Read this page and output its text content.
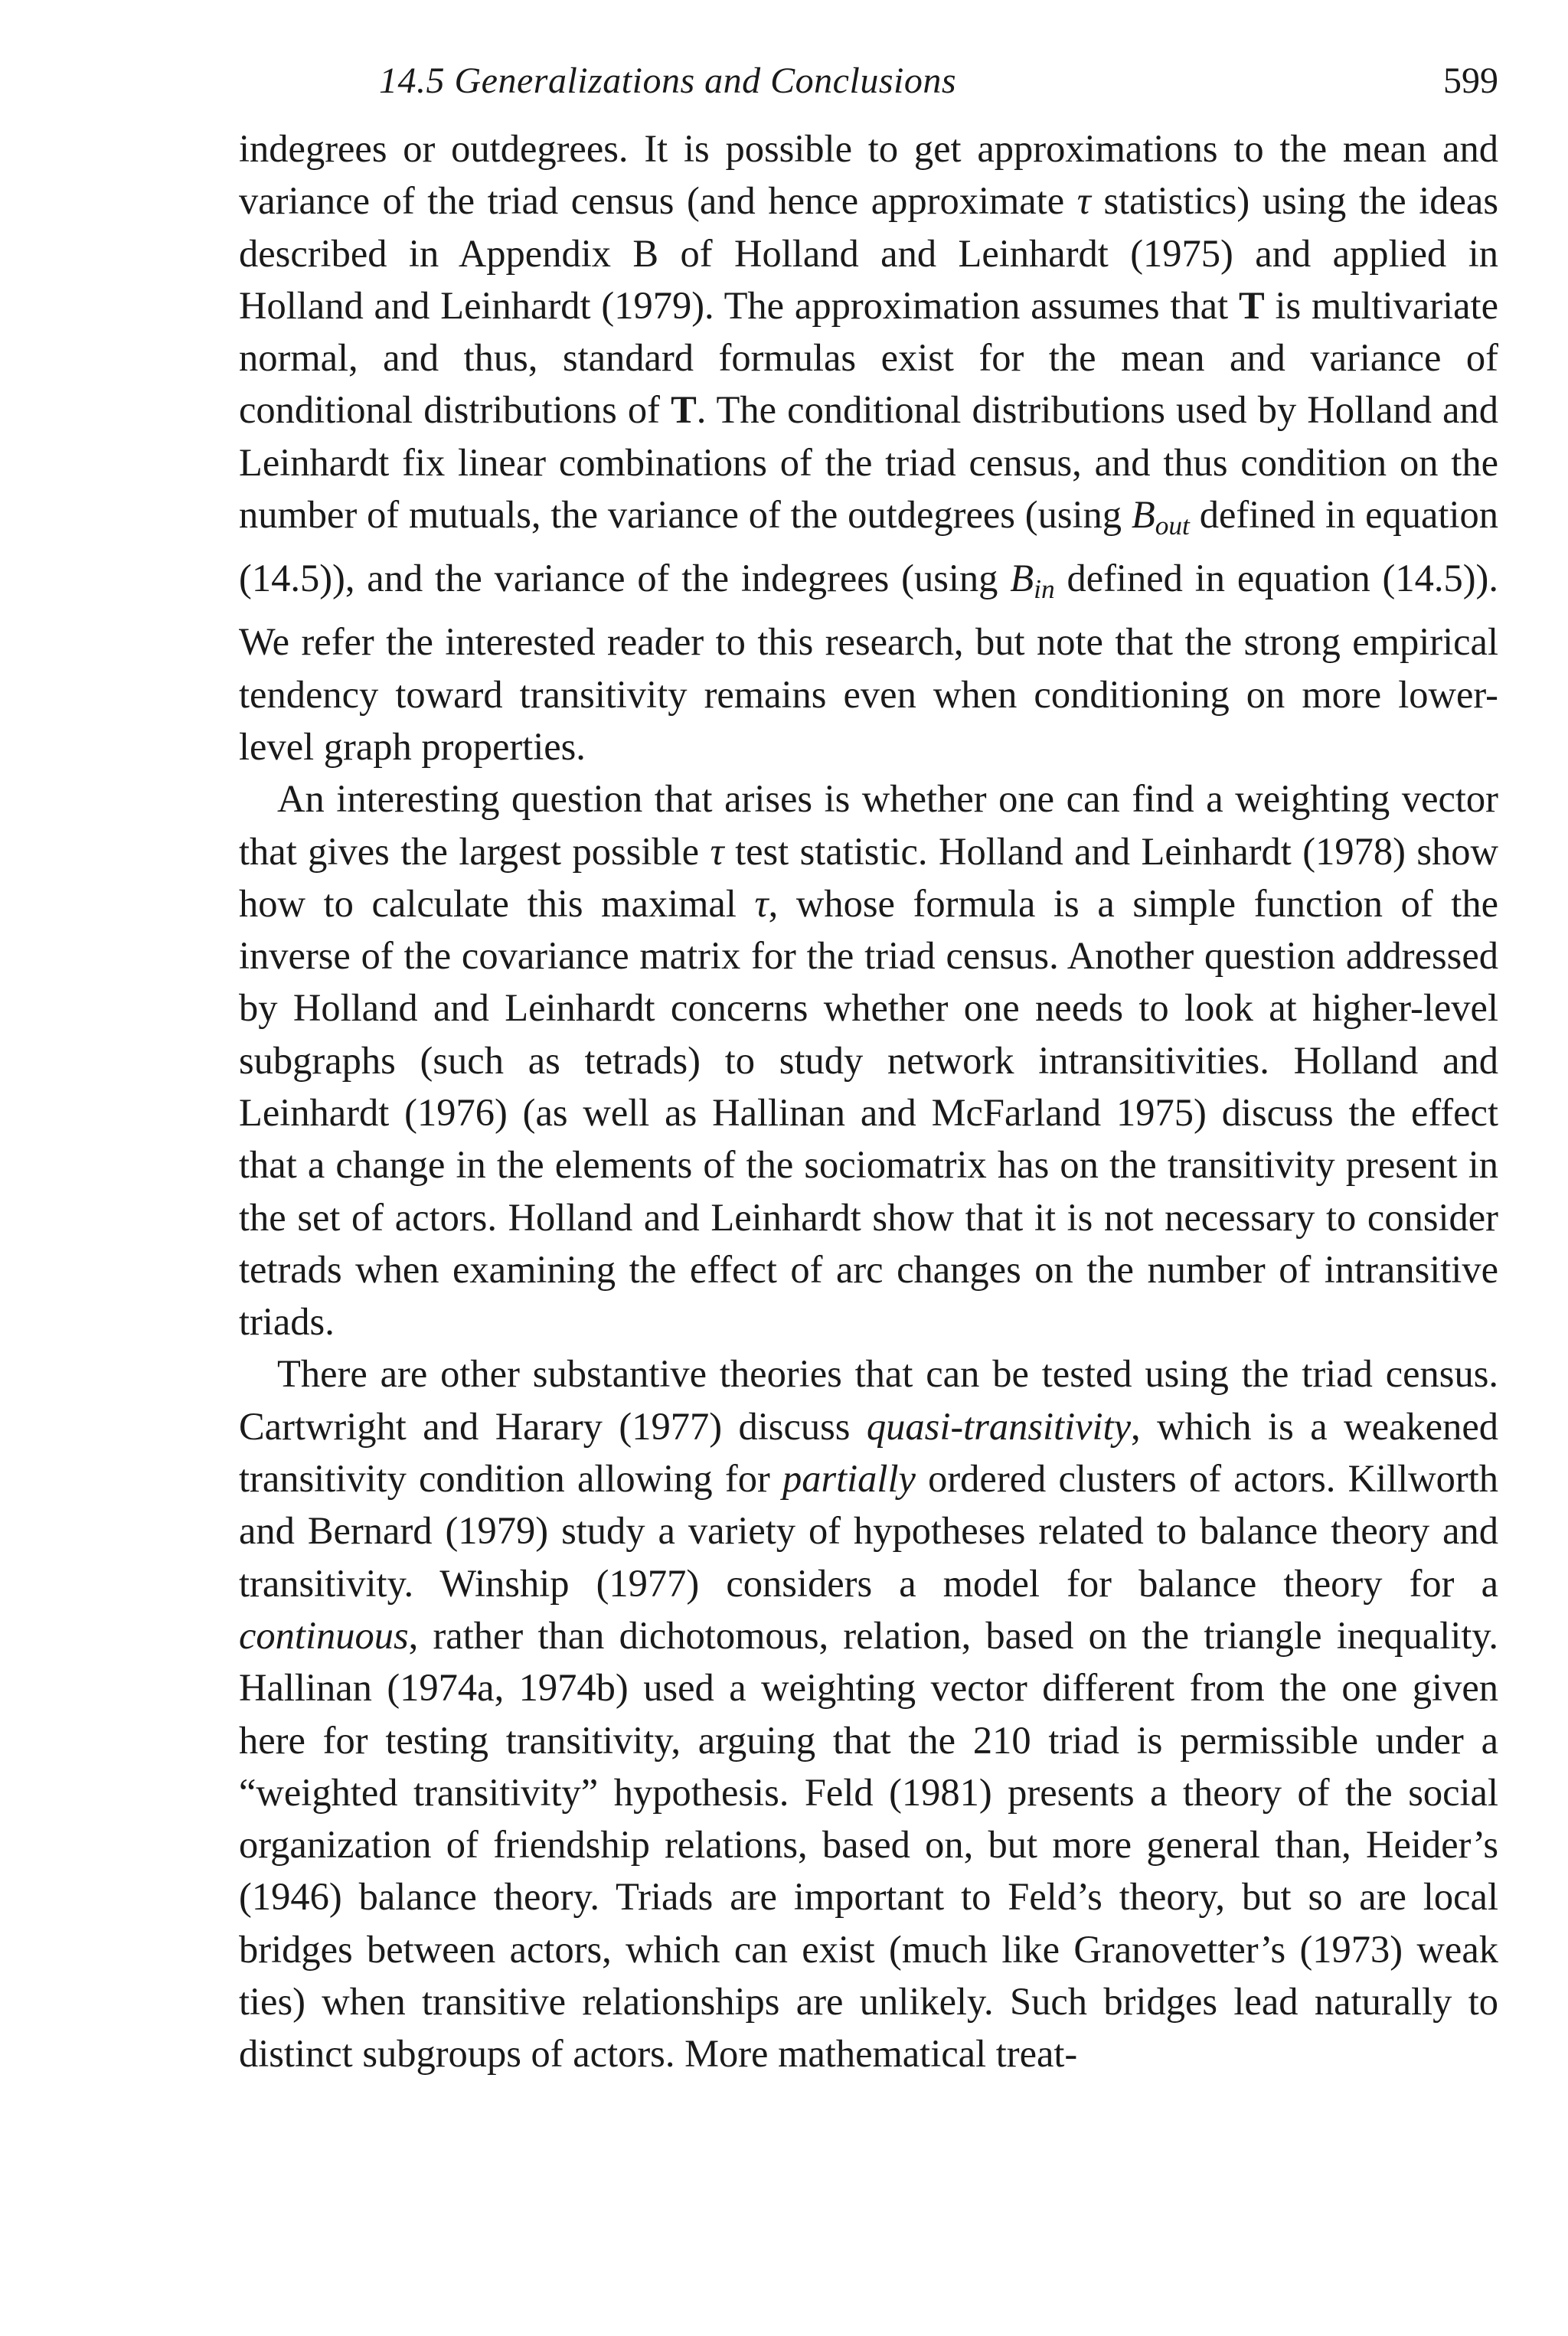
14.5 Generalizations and Conclusions	599

indegrees or outdegrees. It is possible to get approximations to the mean and variance of the triad census (and hence approximate τ statistics) using the ideas described in Appendix B of Holland and Leinhardt (1975) and applied in Holland and Leinhardt (1979). The approximation assumes that T is multivariate normal, and thus, standard formulas exist for the mean and variance of conditional distributions of T. The conditional distributions used by Holland and Leinhardt fix linear combinations of the triad census, and thus condition on the number of mutuals, the variance of the outdegrees (using $B_{out}$ defined in equation (14.5)), and the variance of the indegrees (using $B_{in}$ defined in equation (14.5)). We refer the interested reader to this research, but note that the strong empirical tendency toward transitivity remains even when conditioning on more lower-level graph properties.

An interesting question that arises is whether one can find a weighting vector that gives the largest possible τ test statistic. Holland and Leinhardt (1978) show how to calculate this maximal τ, whose formula is a simple function of the inverse of the covariance matrix for the triad census. Another question addressed by Holland and Leinhardt concerns whether one needs to look at higher-level subgraphs (such as tetrads) to study network intransitivities. Holland and Leinhardt (1976) (as well as Hallinan and McFarland 1975) discuss the effect that a change in the elements of the sociomatrix has on the transitivity present in the set of actors. Holland and Leinhardt show that it is not necessary to consider tetrads when examining the effect of arc changes on the number of intransitive triads.

There are other substantive theories that can be tested using the triad census. Cartwright and Harary (1977) discuss quasi-transitivity, which is a weakened transitivity condition allowing for partially ordered clusters of actors. Killworth and Bernard (1979) study a variety of hypotheses related to balance theory and transitivity. Winship (1977) considers a model for balance theory for a continuous, rather than dichotomous, relation, based on the triangle inequality. Hallinan (1974a, 1974b) used a weighting vector different from the one given here for testing transitivity, arguing that the 210 triad is permissible under a “weighted transitivity” hypothesis. Feld (1981) presents a theory of the social organization of friendship relations, based on, but more general than, Heider’s (1946) balance theory. Triads are important to Feld’s theory, but so are local bridges between actors, which can exist (much like Granovetter’s (1973) weak ties) when transitive relationships are unlikely. Such bridges lead naturally to distinct subgroups of actors. More mathematical treat-
